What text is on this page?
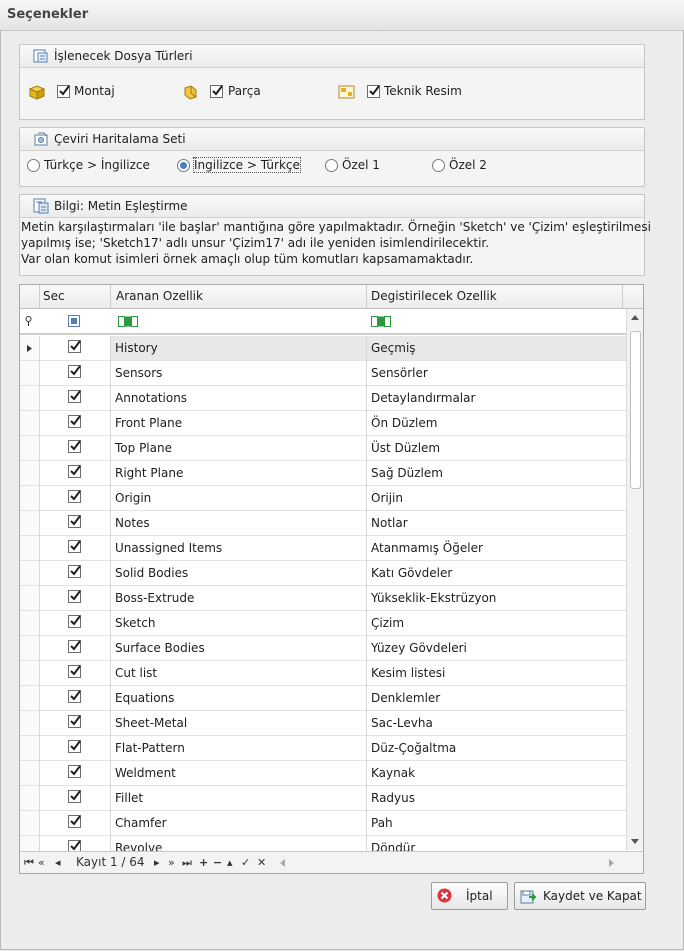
Seçenekler
İşlenecek Dosya Türleri
Montaj	Parça	Teknik Resim
Çeviri Haritalama Seti
Türkçe > İngilizce	İngilizce > Türkçe	Özel 1	Özel 2
Bilgi: Metin Eşleştirme
Metin karşılaştırmaları 'ile başlar' mantığına göre yapılmaktadır. Örneğin 'Sketch' ve 'Çizim' eşleştirilmesi
yapılmış ise; 'Sketch17' adlı unsur 'Çizim17' adı ile yeniden isimlendirilecektir.
Var olan komut isimleri örnek amaçlı olup tüm komutları kapsamamaktadır.
Sec	Aranan Ozellik	Degistirilecek Ozellik
History	Geçmiş
Sensors	Sensörler
Annotations	Detaylandırmalar
Front Plane	Ön Düzlem
Top Plane	Üst Düzlem
Right Plane	Sağ Düzlem
Origin	Orijin
Notes	Notlar
Unassigned Items	Atanmamış Öğeler
Solid Bodies	Katı Gövdeler
Boss-Extrude	Yükseklik-Ekstrüzyon
Sketch	Çizim
Surface Bodies	Yüzey Gövdeleri
Cut list	Kesim listesi
Equations	Denklemler
Sheet-Metal	Sac-Levha
Flat-Pattern	Düz-Çoğaltma
Weldment	Kaynak
Fillet	Radyus
Chamfer	Pah
Revolve	Döndür
⏮ « ◂ Kayıt 1 / 64 ▸ » ⏭ + − ▴ ✓ ✕
İptal	Kaydet ve Kapat
